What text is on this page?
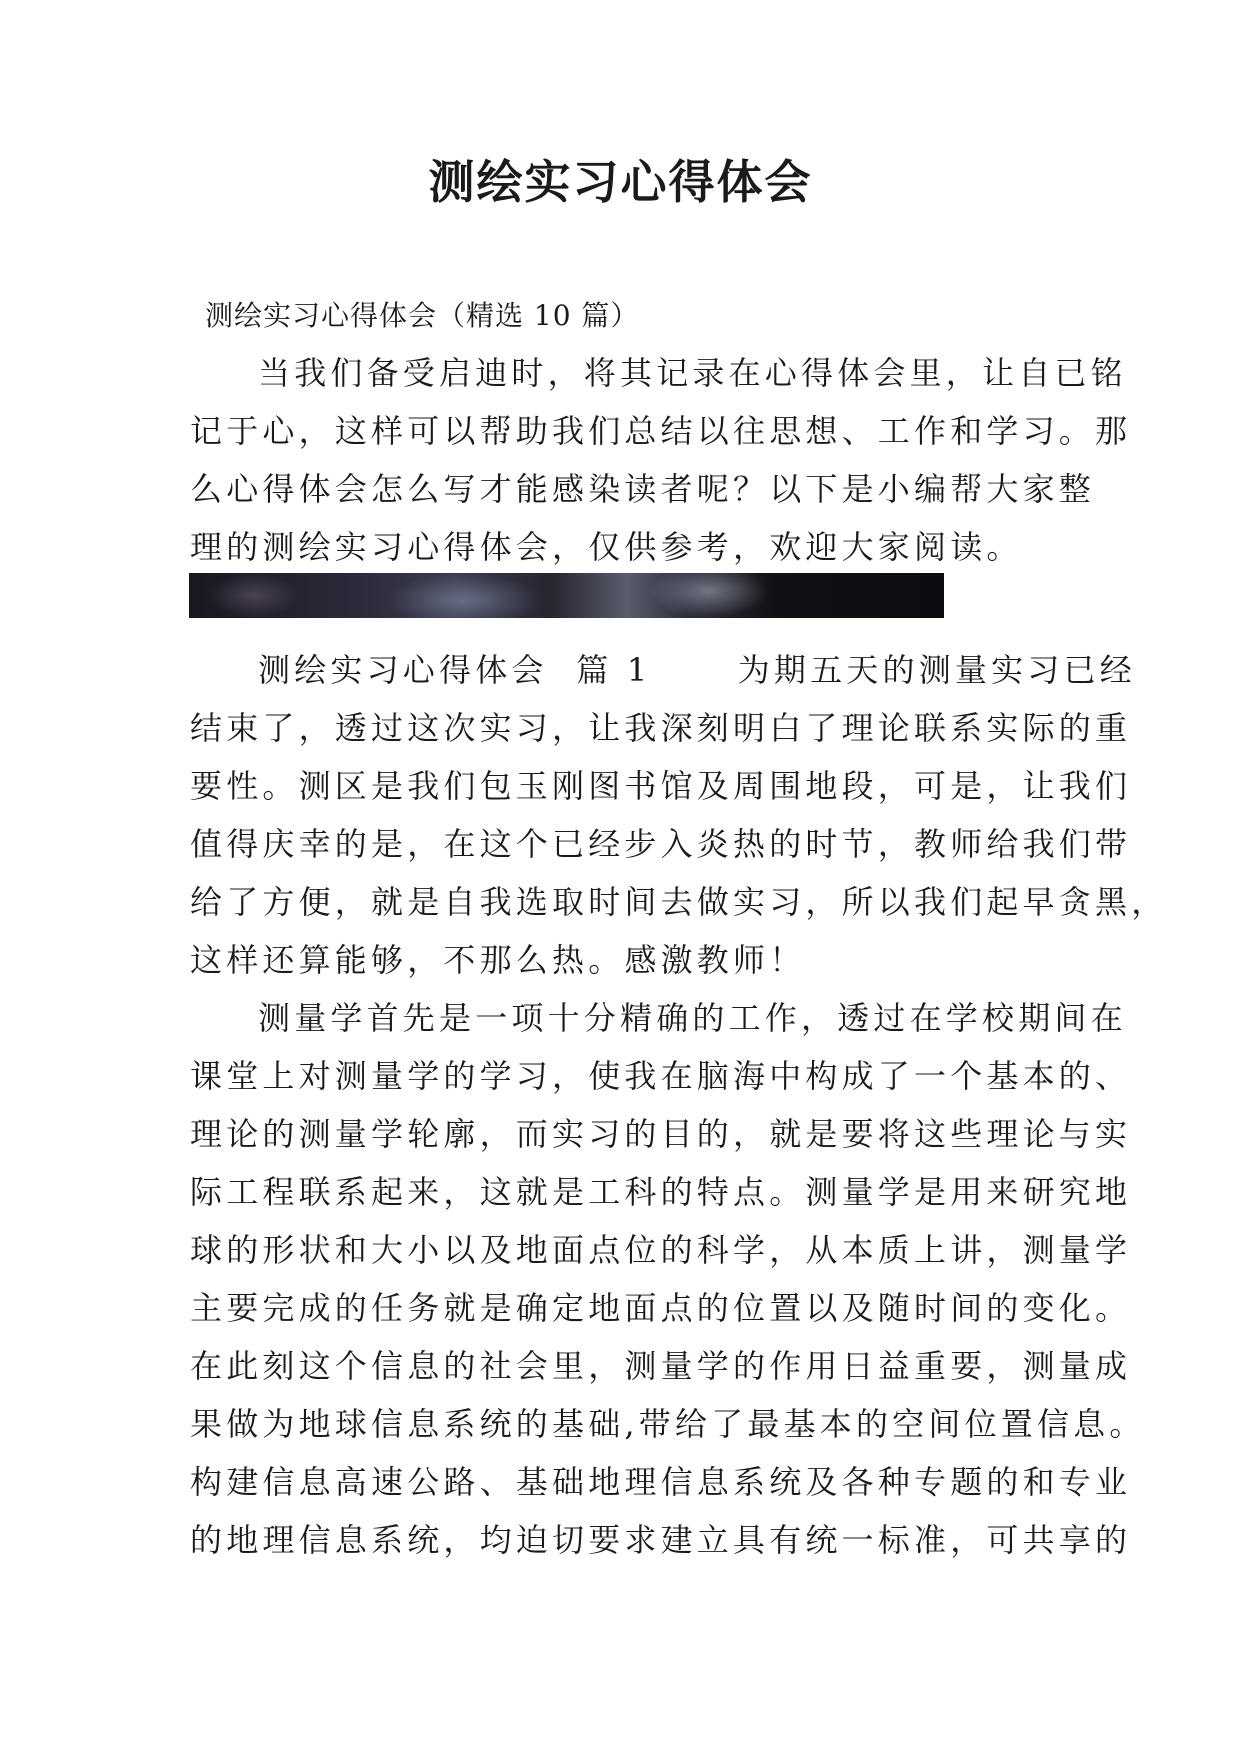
测绘实习心得体会
测绘实习心得体会（精选 10 篇）
当我们备受启迪时，将其记录在心得体会里，让自已铭
记于心，这样可以帮助我们总结以往思想、工作和学习。那
么心得体会怎么写才能感染读者呢？以下是小编帮大家整
理的测绘实习心得体会，仅供参考，欢迎大家阅读。
测绘实习心得体会  篇 1      为期五天的测量实习已经
结束了，透过这次实习，让我深刻明白了理论联系实际的重
要性。测区是我们包玉刚图书馆及周围地段，可是，让我们
值得庆幸的是，在这个已经步入炎热的时节，教师给我们带
给了方便，就是自我选取时间去做实习，所以我们起早贪黑，
这样还算能够，不那么热。感激教师！
测量学首先是一项十分精确的工作，透过在学校期间在
课堂上对测量学的学习，使我在脑海中构成了一个基本的、
理论的测量学轮廓，而实习的目的，就是要将这些理论与实
际工程联系起来，这就是工科的特点。测量学是用来研究地
球的形状和大小以及地面点位的科学，从本质上讲，测量学
主要完成的任务就是确定地面点的位置以及随时间的变化。
在此刻这个信息的社会里，测量学的作用日益重要，测量成
果做为地球信息系统的基础,带给了最基本的空间位置信息。
构建信息高速公路、基础地理信息系统及各种专题的和专业
的地理信息系统，均迫切要求建立具有统一标准，可共享的
